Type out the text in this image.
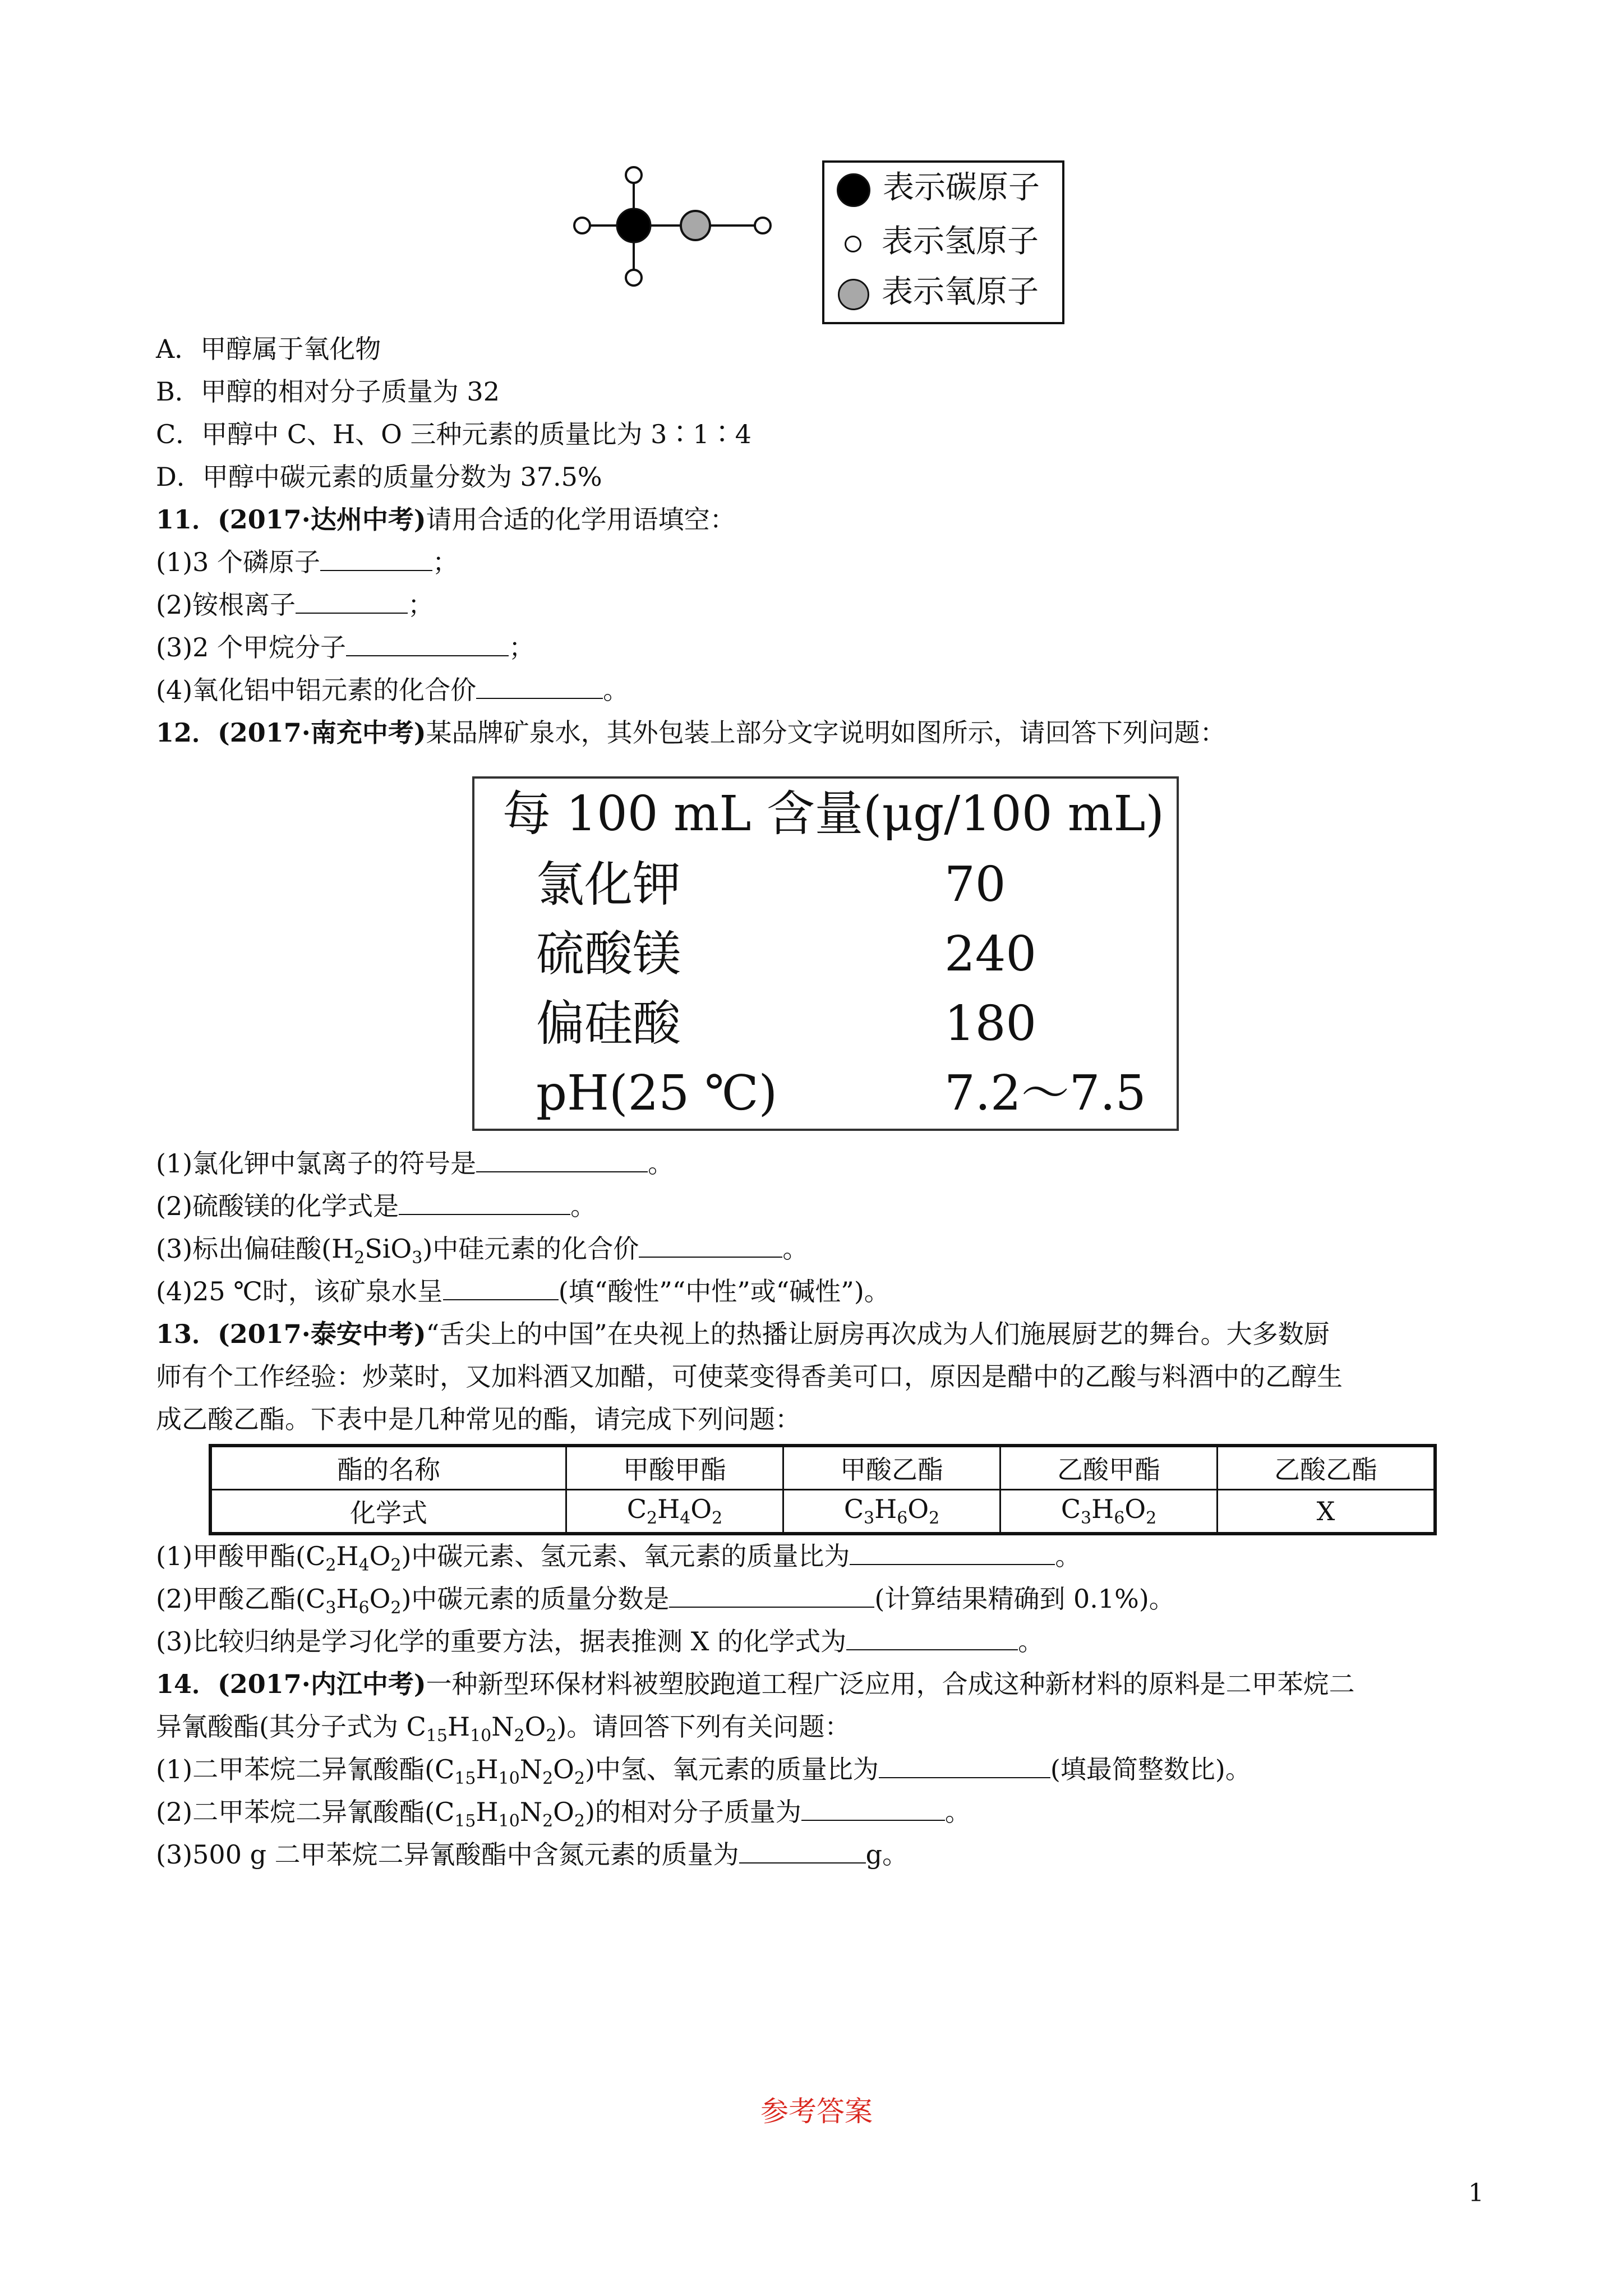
表示碳原子
表示氢原子
表示氧原子
A．甲醇属于氧化物
B．甲醇的相对分子质量为 32
C．甲醇中 C、H、O 三种元素的质量比为 3∶1∶4
D．甲醇中碳元素的质量分数为 37.5%
11．(2017·达州中考)请用合适的化学用语填空：
(1)3 个磷原子	；
(2)铵根离子	；
(3)2 个甲烷分子	；
(4)氧化铝中铝元素的化合价	。
12．(2017·南充中考)某品牌矿泉水，其外包装上部分文字说明如图所示，请回答下列问题：
每 100 mL 含量(μg/100 mL)
氯化钾	70
硫酸镁	240
偏硅酸	180
pH(25 ℃)	7.2～7.5
(1)氯化钾中氯离子的符号是	。
(2)硫酸镁的化学式是	。
(3)标出偏硅酸$(H_2SiO_3)$中硅元素的化合价	。
(4)25 ℃时，该矿泉水呈	(填“酸性”“中性”或“碱性”)。
13．(2017·泰安中考)“舌尖上的中国”在央视上的热播让厨房再次成为人们施展厨艺的舞台。大多数厨
师有个工作经验：炒菜时，又加料酒又加醋，可使菜变得香美可口，原因是醋中的乙酸与料酒中的乙醇生
成乙酸乙酯。下表中是几种常见的酯，请完成下列问题：
酯的名称	甲酸甲酯	甲酸乙酯	乙酸甲酯	乙酸乙酯
化学式	$C_2H_4O_2$	$C_3H_6O_2$	$C_3H_6O_2$	X
(1)甲酸甲酯$(C_2H_4O_2)$中碳元素、氢元素、氧元素的质量比为	。
(2)甲酸乙酯$(C_3H_6O_2)$中碳元素的质量分数是	(计算结果精确到 0.1%)。
(3)比较归纳是学习化学的重要方法，据表推测 X 的化学式为	。
14．(2017·内江中考)一种新型环保材料被塑胶跑道工程广泛应用，合成这种新材料的原料是二甲苯烷二
异氰酸酯(其分子式为 $C_{15}H_{10}N_2O_2$)。请回答下列有关问题：
(1)二甲苯烷二异氰酸酯$(C_{15}H_{10}N_2O_2)$中氢、氧元素的质量比为	(填最简整数比)。
(2)二甲苯烷二异氰酸酯$(C_{15}H_{10}N_2O_2)$的相对分子质量为	。
(3)500 g 二甲苯烷二异氰酸酯中含氮元素的质量为	g。
参考答案
1
